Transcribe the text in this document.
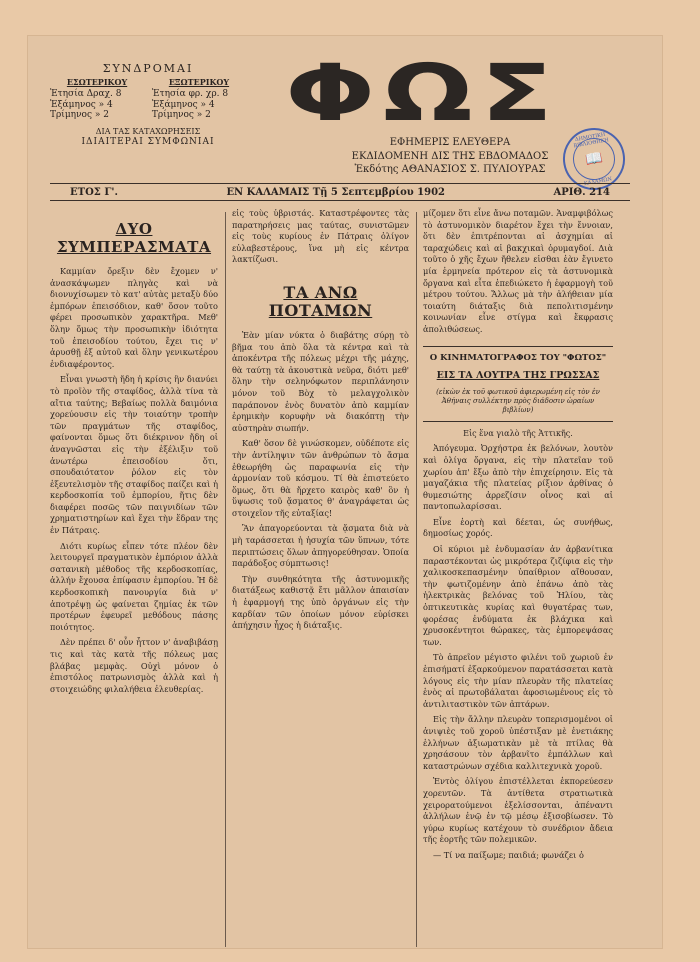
ΣΥΝΔΡΟΜΑΙ
ΕΣΩΤΕΡΙΚΟΥ
Ἐτησία Δραχ. 8
Ἑξάμηνος » 4
Τρίμηνος » 2
ΕΞΩΤΕΡΙΚΟΥ
Ἐτησία φρ. χρ. 8
Ἑξάμηνος » 4
Τρίμηνος » 2
ΔΙΑ ΤΑΣ ΚΑΤΑΧΩΡΗΣΕΙΣ
ΙΔΙΑΙΤΕΡΑΙ ΣΥΜΦΩΝΙΑΙ
ΦΩΣ
ΕΦΗΜΕΡΙΣ ΕΛΕΥΘΕΡΑ
ΕΚΔΙΔΟΜΕΝΗ ΔΙΣ ΤΗΣ ΕΒΔΟΜΑΔΟΣ
Ἐκδότης ΑΘΑΝΑΣΙΟΣ Σ. ΠΥΛΙΟΥΡΑΣ
ΔΗΜΟΤΙΚΗ ΒΙΒΛΙΟΘΗΚΗ
📖
ΚΑΛΑΜΩΝ
ΕΤΟΣ Γ'.	ΕΝ ΚΑΛΑΜΑΙΣ Τῇ 5 Σεπτεμβρίου 1902	ΑΡΙΘ. 214
ΔΥΟ ΣΥΜΠΕΡΑΣΜΑΤΑ

Καμμίαν ὄρεξιν δὲν ἔχομεν ν' ἀνασκάψωμεν πληγὰς καὶ νὰ διονυχίσωμεν τὸ κατ' αὐτὰς μεταξὺ δύο ἐμπόρων ἐπεισόδιον, καθ' ὅσον τοῦτο φέρει προσωπικὸν χαρακτῆρα. Μεθ' ὅλην ὅμως τὴν προσωπικὴν ἰδιότητα τοῦ ἐπεισοδίου τούτου, ἔχει τις ν' ἀρυσθῇ ἐξ αὐτοῦ καὶ ὅλην γενικωτέρου ἐνδιαφέροντος.

Εἶναι γνωστὴ ἤδη ἡ κρίσις ἣν διανύει τὸ προϊὸν τῆς σταφίδος, ἀλλὰ τίνα τὰ αἴτια ταύτης; Βεβαίως πολλὰ δαιμόνια χορεύουσιν εἰς τὴν τοιαύτην τροπὴν τῶν πραγμάτων τῆς σταφίδος, φαίνονται ὅμως ὅτι διέκρινον ἤδη οἱ ἀναγνῶσται εἰς τὴν ἐξέλιξιν τοῦ ἀνωτέρω ἐπεισοδίου ὅτι, σπουδαιότατον ῥόλον εἰς τὸν ἐξευτελισμὸν τῆς σταφίδος παίζει καὶ ἡ κερδοσκοπία τοῦ ἐμπορίου, ἥτις δὲν διαφέρει ποσῶς τῶν παιγνιδίων τῶν χρηματιστηρίων καὶ ἔχει τὴν ἕδραν της ἐν Πάτραις.

Διότι κυρίως εἶπεν τότε πλέον δὲν λειτουργεῖ πραγματικὸν ἐμπόριον ἀλλὰ σατανικὴ μέθοδος τῆς κερδοσκοπίας, ἀλλήν ἔχουσα ἐπίφασιν ἐμπορίου. Ἡ δὲ κερδοσκοπικὴ πανουργία διὰ ν' ἀποτρέψῃ ὡς φαίνεται ζημίας ἐκ τῶν προτέρων ἐφευρεῖ μεθόδους πάσης ποιότητος.

Δὲν πρέπει δ' οὖν ἧττον ν' ἀναβιβάσῃ τις καὶ τὰς κατὰ τῆς πόλεως μας βλάβας μεμφὰς. Οὐχὶ μόνον ὁ ἐπιστόλος πατρωνισμὸς ἀλλὰ καὶ ἡ στοιχειώδης φιλαλήθεια ἐλευθερίας.

εἰς τοὺς ὑβριστάς. Καταστρέφοντες τὰς παρατηρήσεις μας ταύτας, συνιστῶμεν εἰς τοὺς κυρίους ἐν Πάτραις ὀλίγον εὐλαβεστέρους, ἵνα μὴ εἰς κέντρα λακτίζωσι.

ΤΑ ΑΝΩ ΠΟΤΑΜΩΝ

Ἐὰν μίαν νύκτα ὁ διαβάτης σύρῃ τὸ βῆμα του ἀπὸ ὅλα τὰ κέντρα καὶ τὰ ἀποκέντρα τῆς πόλεως μέχρι τῆς μάχης, θὰ ταύτῃ τὰ ἀκουστικὰ νεῦρα, διότι μεθ' ὅλην τὴν σεληνόφωτον περιπλάνησιν μόνον τοῦ Βὸχ τὸ μελαγχολικὸν παράπονον ἐνὸς δυνατὸν ἀπὸ καμμίαν ἐρημικὴν κορυφὴν νὰ διακόπτῃ τὴν αὐστηρὰν σιωπήν.

Καθ' ὅσον δὲ γινώσκομεν, οὐδέποτε εἰς τὴν ἀντίληψιν τῶν ἀνθρώπων τὸ ἄσμα ἐθεωρήθη ὡς παραφωνία εἰς τὴν ἁρμονίαν τοῦ κόσμου. Τί θὰ ἐπιστεύετο ὅμως, ὅτι θὰ ἤρχετο καιρὸς καθ' ὃν ἡ ὕψωσις τοῦ ᾄσματος θ' ἀναγράφεται ὡς στοιχεῖον τῆς εὐταξίας!

Ἂν ἀπαγορεύονται τὰ ᾄσματα διὰ νὰ μὴ ταράσσεται ἡ ἡσυχία τῶν ὕπνων, τότε περιπτώσεις ὅλων ἀπηγορεύθησαν. Ὁποία παράδοξος σύμπτωσις!

Τὴν συνθηκότητα τῆς ἀστυνομικῆς διατάξεως καθιστᾷ ἔτι μᾶλλον ἀπαισίαν ἡ ἐφαρμογή της ὑπὸ ὀργάνων εἰς τὴν καρδίαν τῶν ὁποίων μόνον εὑρίσκει ἀπήχησιν ἦχος ἡ διάταξις.

μίζομεν ὅτι εἶνε ἄνω ποταμῶν. Ἀναμφιβόλως τὸ ἀστυνομικὸν διαρέτον ἔχει τὴν ἔννοιαν, ὅτι δὲν ἐπιτρέπονται αἱ ἀσχημίαι αἱ ταραχώδεις καὶ αἱ βακχικαὶ ὀρυμαγδοί. Διὰ τοῦτο ὁ χῆς ἔχων ἤθελεν εἰσθαι ἐὰν ἔγινετο μία ἑρμηνεία πρότερον εἰς τὰ ἀστυνομικὰ ὄργανα καὶ εἶτα ἐπεδιώκετο ἡ ἐφαρμογὴ τοῦ μέτρου τούτου. Ἄλλως μὰ τὴν ἀλήθειαν μία τοιαύτη διάταξις διὰ πεπολιτισμένην κοινωνίαν εἶνε στίγμα καὶ ἔκφρασις ἀπολιθώσεως.

Ο ΚΙΝΗΜΑΤΟΓΡΑΦΟΣ ΤΟΥ "ΦΩΤΟΣ"
ΕΙΣ ΤΑ ΛΟΥΤΡΑ ΤΗΣ ΓΡΩΣΣΑΣ
(εἰκὼν ἐκ τοῦ φωτικοῦ ἀφιερωμένη εἰς τὸν ἐν Ἀθήναις συλλέκτην πρὸς διάδοσιν ὡραίων βιβλίων)
Εἰς ἕνα γιαλὸ τῆς Ἀττικῆς.

Ἀπόγευμα. Ὀρχήστρα ἐκ βελόνων, λουτὸν καὶ ὀλίγα ὄργανα, εἰς τὴν πλατεῖαν τοῦ χωρίου ἀπ' ἔξω ἀπὸ τὴν ἐπιχείρησιν. Εἰς τὰ μαγαζάκια τῆς πλατείας ρίξιον ἀρθίνας ὁ θυμεσιώτης ἀρρεζίσιν οἶνος καὶ αἱ παντοπωλαρίσσαι.

Εἶνε ἑορτὴ καὶ δέεται, ὡς συνήθως, δημοσίως χορός.

Οἱ κύριοι μὲ ἐνδυμασίαν ἀν ἀρβανίτικα παραστέκονται ὡς μικρότερα ζιζίφια εἰς τὴν χαλικοσκεπασμένην ὑπαίθριον αἴθουσαν, τὴν φωτιζομένην ἀπὸ ἐπάνω ἀπὸ τὰς ἠλεκτρικὰς βελόνας τοῦ Ἡλίου, τὰς ὀπτικευτικὰς κυρίας καὶ θυγατέρας των, φορέσας ἐνδύματα ἐκ βλάχικα καὶ χρυσοκέντητοι θώρακες, τὰς ἐμπορεψάσας των.

Τὸ ἀπρεῖον μέγιστο φιλένι τοῦ χωριοῦ ἐν ἐπισήματί ἐξαρκούμενον παρατάσσεται κατὰ λόγους εἰς τὴν μίαν πλευρὰν τῆς πλατείας ἑνὸς αἰ πρωτοβάλαται ἀφοσιωμένους εἰς τὸ ἀντιλιταστικὸν τῶν ἀπτάρων.

Εἰς τὴν ἄλλην πλευρὰν τοπερισμομένοι οἱ ἀνιψιὲς τοῦ χοροῦ ὑπέστιξαν μὲ ἐνετιάκης ἐλλήνων ἀξιωματικὰν μὲ τὰ πτίλας θὰ χρησάσουν τὸν ἀρβανῖτο ἐμπάλλων καὶ καταστρώνων σχέδια καλλιτεχνικὰ χοροῦ.

Ἐντὸς ὀλίγου ἐπιστέλλεται ἐκπορεύεσεν χορευτῶν. Τὰ ἀντίθετα στρατιωτικὰ χειρορατούμενοι ἐξελίσσονται, ἀπέναντι ἀλλήλων ἐνῷ ἐν τῷ μέσῳ ἐξισοβίωσεν. Τὸ γύρω κυρίως κατέχουν τὸ συνέδριον ἄδεια τῆς ἑορτῆς τῶν πολεμικῶν.

— Τί να παίξωμε; παιδιά; φωνάζει ὁ
